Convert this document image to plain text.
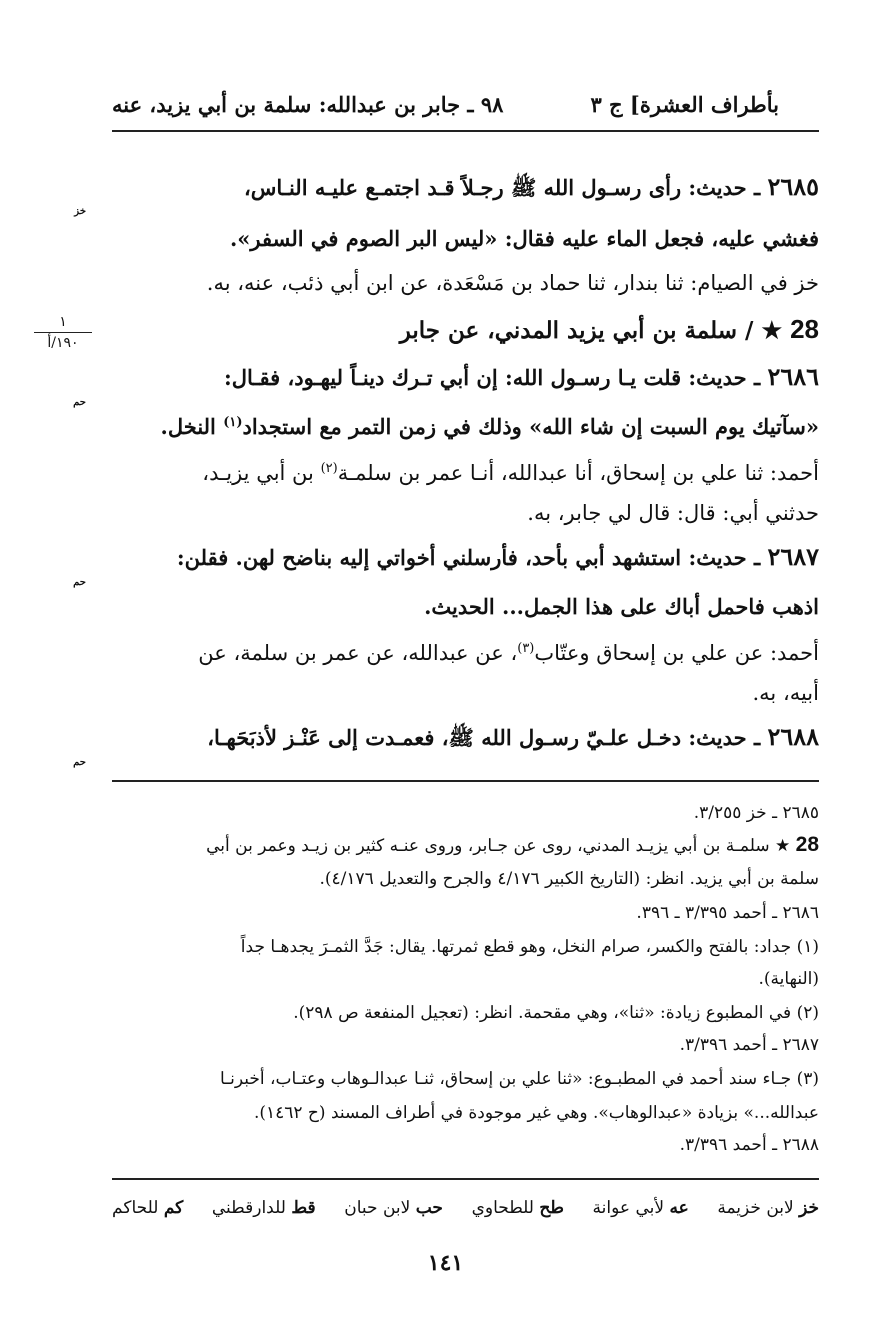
بأطراف العشرة] ج ٣
٩٨ ـ جابر بن عبدالله: سلمة بن أبي يزيد، عنه
١
١٩٠/أ
٢٦٨٥ ـ حديث: رأى رسـول الله ﷺ رجـلاً قـد اجتمـع عليـه النـاس،
خز
فغشي عليه، فجعل الماء عليه فقال: «ليس البر الصوم في السفر».
خز في الصيام: ثنا بندار، ثنا حماد بن مَسْعَدة، عن ابن أبي ذئب، عنه، به.
28 ★ / سلمة بن أبي يزيد المدني، عن جابر
٢٦٨٦ ـ حديث: قلت يـا رسـول الله: إن أبي تـرك دينـاً ليهـود، فقـال:
حم
«سآتيك يوم السبت إن شاء الله» وذلك في زمن التمر مع استجداد$^{(١)}$ النخل.
أحمد: ثنا علي بن إسحاق، أنا عبدالله، أنـا عمر بن سلمـة$^{(٢)}$ بن أبي يزيـد،
حدثني أبي: قال: قال لي جابر، به.
٢٦٨٧ ـ حديث: استشهد أبي بأحد، فأرسلني أخواتي إليه بناضح لهن. فقلن:
حم
اذهب فاحمل أباك على هذا الجمل... الحديث.
أحمد: عن علي بن إسحاق وعتّاب$^{(٣)}$، عن عبدالله، عن عمر بن سلمة، عن
أبيه، به.
٢٦٨٨ ـ حديث: دخـل علـيّ رسـول الله ﷺ، فعمـدت إلى عَنْـز لأذبَحَهـا،
حم
٢٦٨٥ ـ خز ٣/٢٥٥.
28 ★ سلمـة بن أبي يزيـد المدني، روى عن جـابر، وروى عنـه كثير بن زيـد وعمر بن أبي
سلمة بن أبي يزيد. انظر: (التاريخ الكبير ٤/١٧٦ والجرح والتعديل ٤/١٧٦).
٢٦٨٦ ـ أحمد ٣/٣٩٥ ـ ٣٩٦.
(١) جداد: بالفتح والكسر، صرام النخل، وهو قطع ثمرتها. يقال: جَدَّ الثمـرَ يجدهـا جداً
(النهاية).
(٢) في المطبوع زيادة: «ثنا»، وهي مقحمة. انظر: (تعجيل المنفعة ص ٢٩٨).
٢٦٨٧ ـ أحمد ٣/٣٩٦.
(٣) جـاء سند أحمد في المطبـوع: «ثنا علي بن إسحاق، ثنـا عبدالـوهاب وعتـاب، أخبرنـا
عبدالله...» بزيادة «عبدالوهاب». وهي غير موجودة في أطراف المسند (ح ١٤٦٢).
٢٦٨٨ ـ أحمد ٣/٣٩٦.
خز لابن خزيمة
عه لأبي عوانة
طح للطحاوي
حب لابن حبان
قط للدارقطني
كم للحاكم
١٤١
